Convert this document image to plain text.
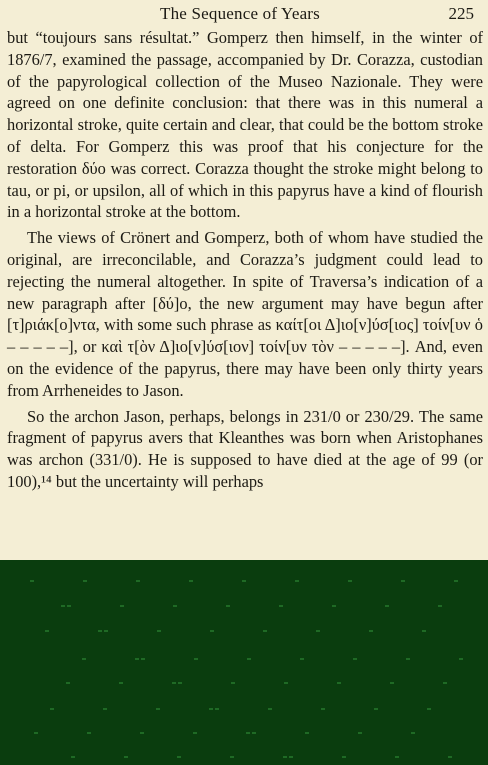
The Sequence of Years	225

but “toujours sans résultat.” Gomperz then himself, in the winter of 1876/7, examined the passage, accompanied by Dr. Corazza, custodian of the papyrological collection of the Museo Nazionale. They were agreed on one definite conclusion: that there was in this numeral a horizontal stroke, quite certain and clear, that could be the bottom stroke of delta. For Gomperz this was proof that his conjecture for the restoration δύο was correct. Corazza thought the stroke might belong to tau, or pi, or upsilon, all of which in this papyrus have a kind of flourish in a horizontal stroke at the bottom.

The views of Crönert and Gomperz, both of whom have studied the original, are irreconcilable, and Corazza’s judgment could lead to rejecting the numeral altogether. In spite of Traversa’s indication of a new paragraph after [δύ]ο, the new argument may have begun after [τ]ριάκ[ο]ντα, with some such phrase as καίτ[οι Δ]ιο[ν]ύσ[ιος] τοίν[υν ὁ – – – – –], or καὶ τ[ὸν Δ]ιο[ν]ύσ[ιον] τοίν[υν τὸν – – – – –]. And, even on the evidence of the papyrus, there may have been only thirty years from Arrheneides to Jason.

So the archon Jason, perhaps, belongs in 231/0 or 230/29. The same fragment of papyrus avers that Kleanthes was born when Aristophanes was archon (331/0). He is supposed to have died at the age of 99 (or 100),¹⁴ but the uncertainty will perhaps
